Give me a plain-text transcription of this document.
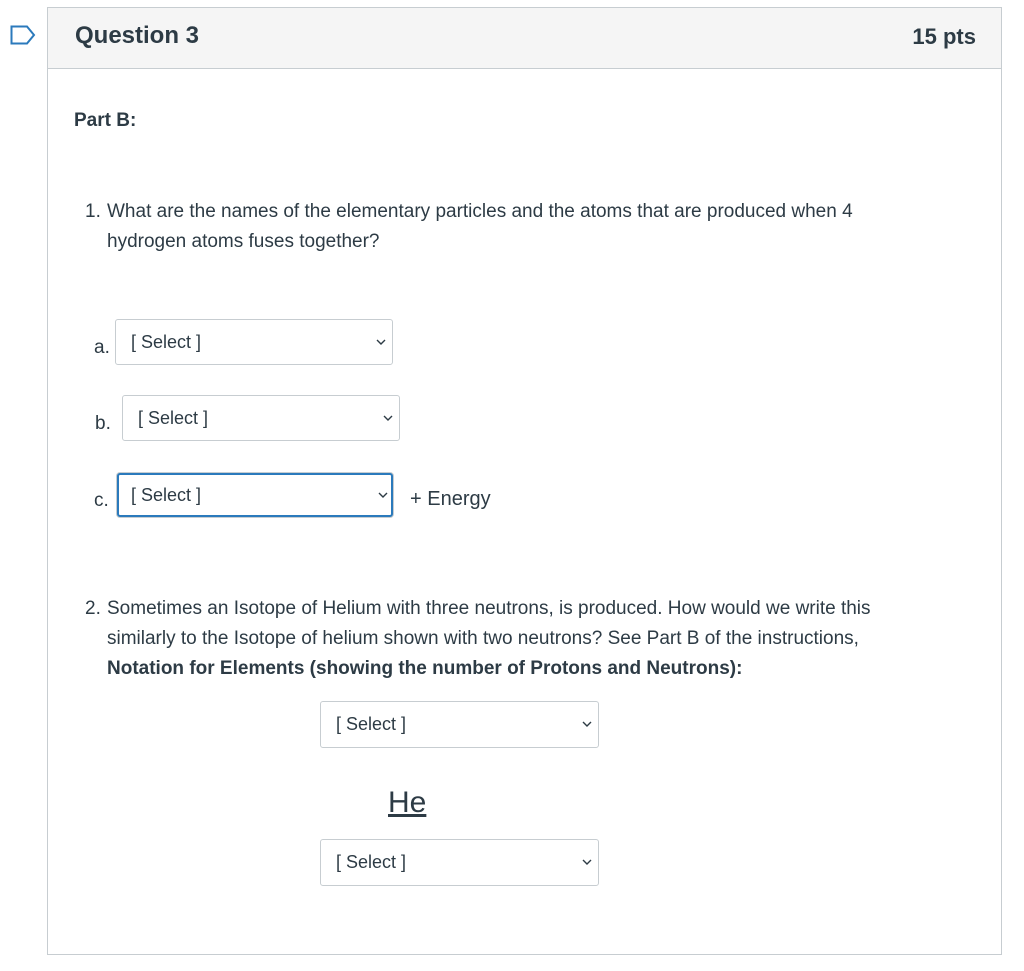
Question 3	15 pts
Part B:
1. What are the names of the elementary particles and the atoms that are produced when 4
hydrogen atoms fuses together?
a. [ Select ]
b. [ Select ]
c. [ Select ]	+ Energy
2. Sometimes an Isotope of Helium with three neutrons, is produced. How would we write this
similarly to the Isotope of helium shown with two neutrons? See Part B of the instructions,
Notation for Elements (showing the number of Protons and Neutrons):
[ Select ]
He
[ Select ]
